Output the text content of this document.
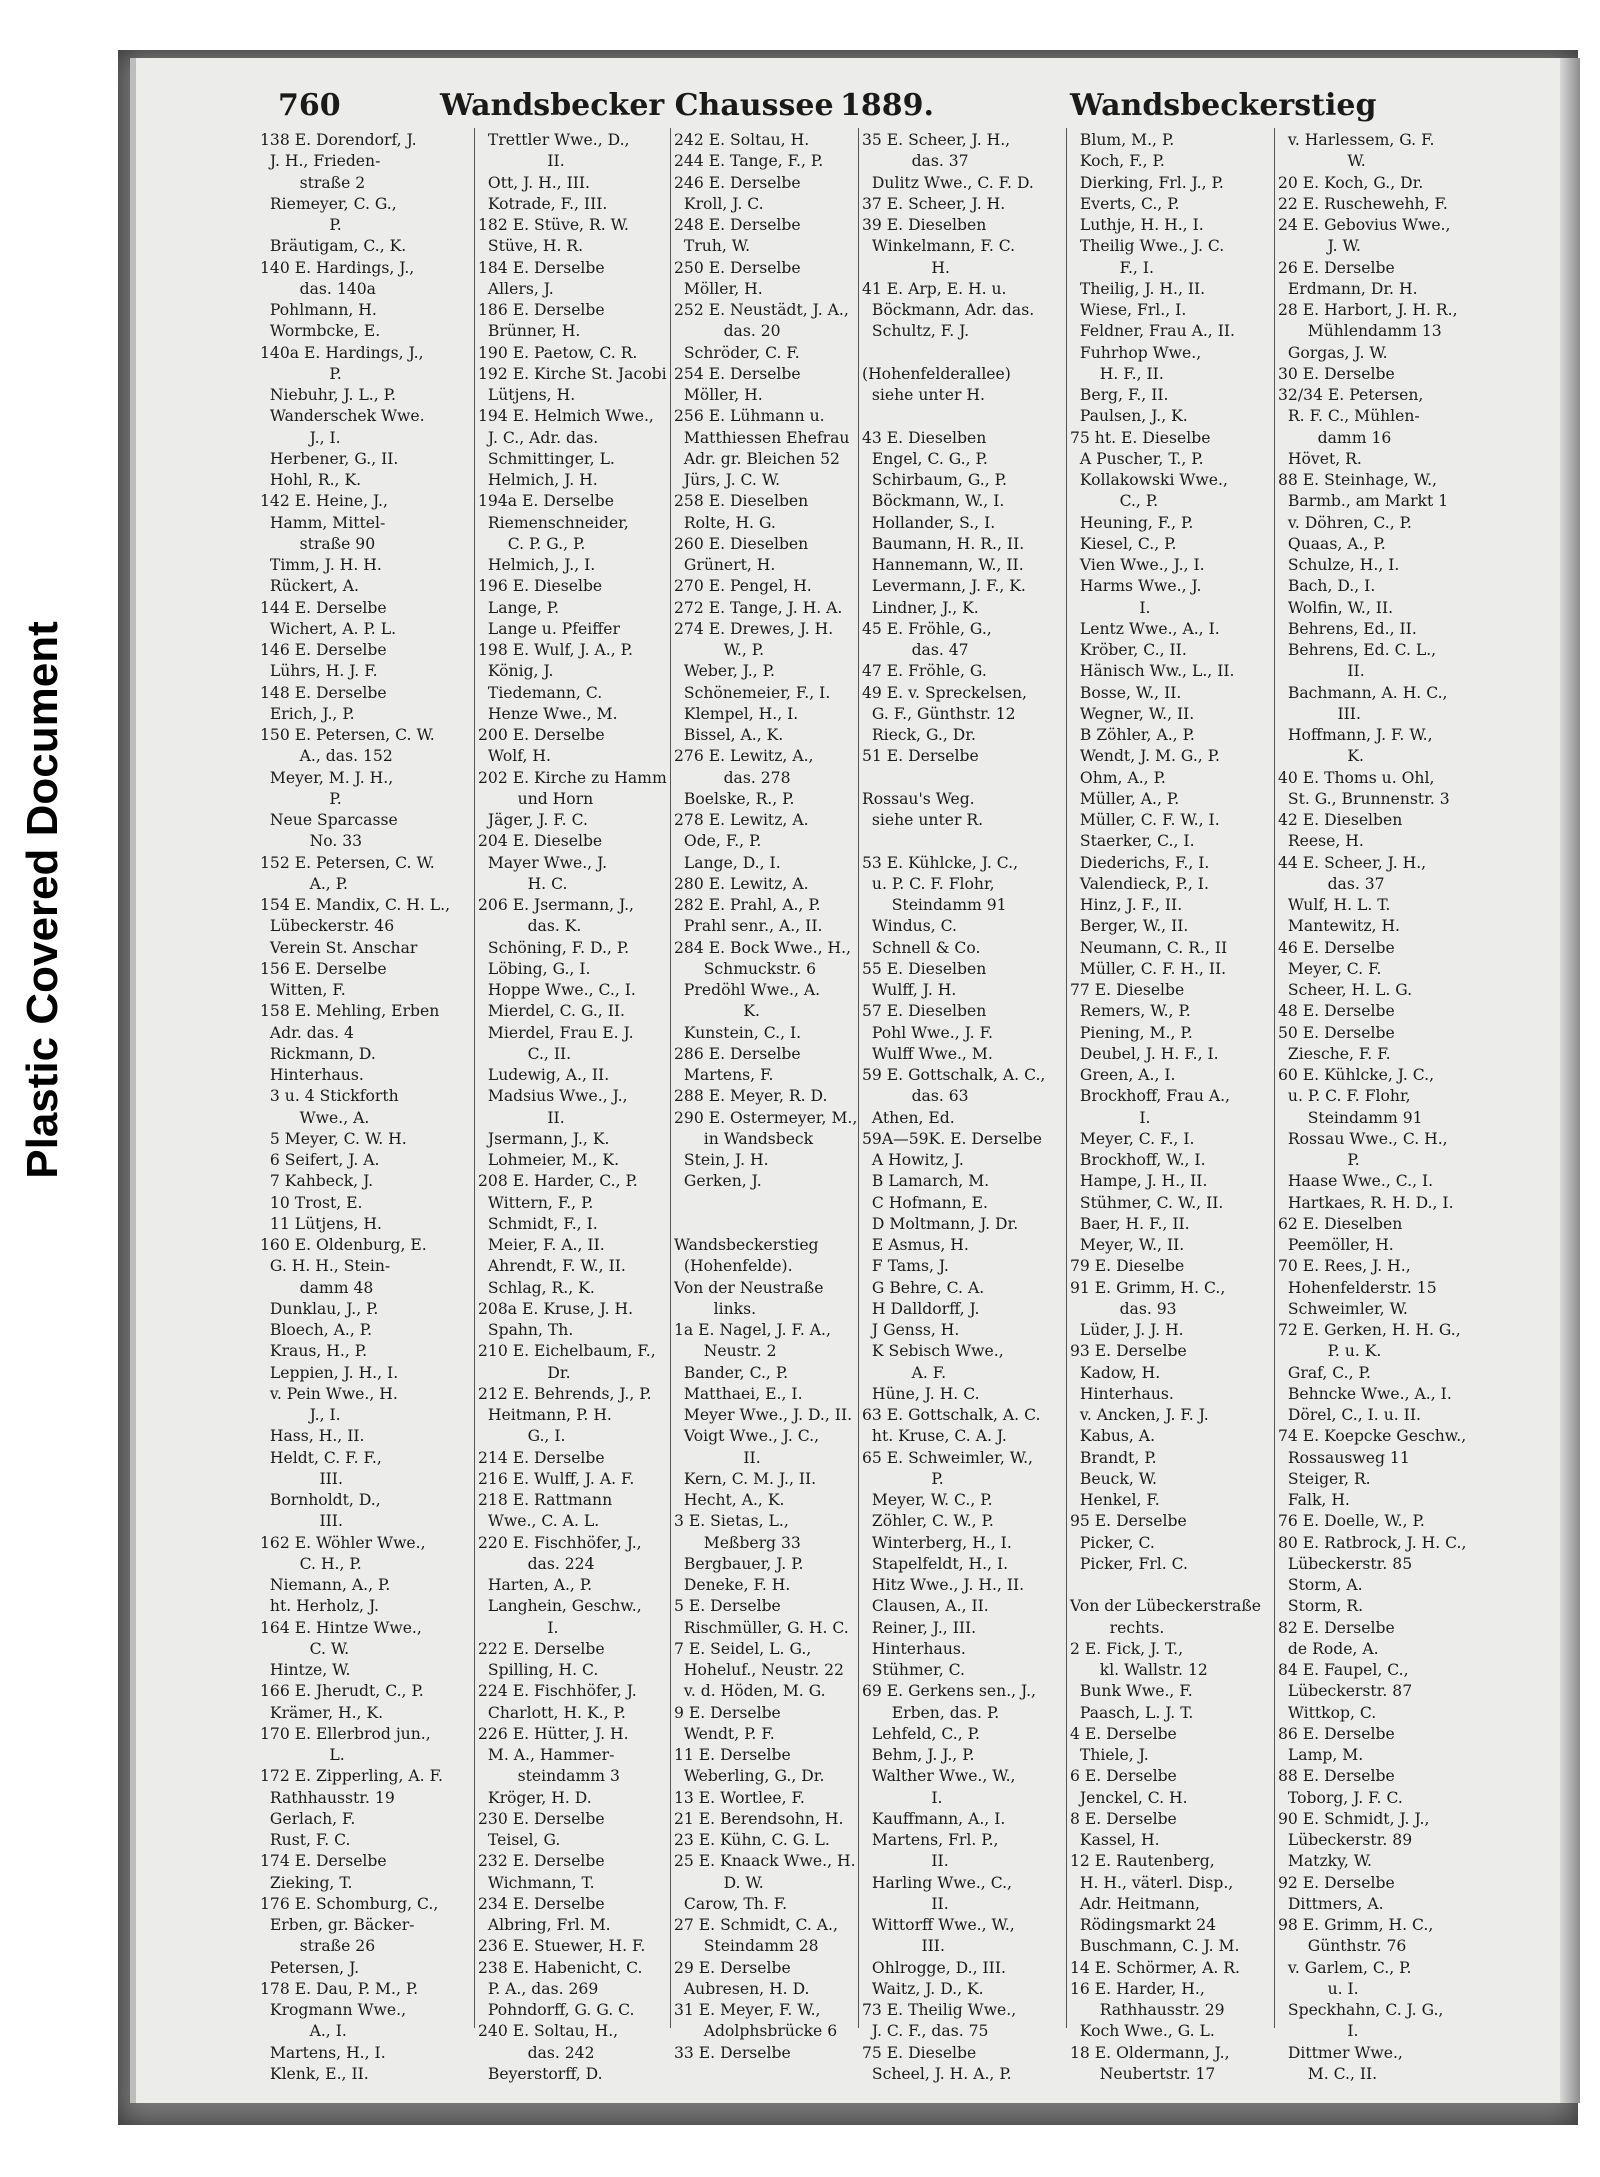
Plastic Covered Document
760	Wandsbecker Chaussee 1889.	Wandsbeckerstieg
138 E. Dorendorf, J.
J. H., Frieden-
straße 2
Riemeyer, C. G.,
P.
Bräutigam, C., K.
140 E. Hardings, J.,
das. 140a
Pohlmann, H.
Wormbcke, E.
140a E. Hardings, J.,
P.
Niebuhr, J. L., P.
Wanderschek Wwe.
J., I.
Herbener, G., II.
Hohl, R., K.
142 E. Heine, J.,
Hamm, Mittel-
straße 90
Timm, J. H. H.
Rückert, A.
144 E. Derselbe
Wichert, A. P. L.
146 E. Derselbe
Lührs, H. J. F.
148 E. Derselbe
Erich, J., P.
150 E. Petersen, C. W.
A., das. 152
Meyer, M. J. H.,
P.
Neue Sparcasse
No. 33
152 E. Petersen, C. W.
A., P.
154 E. Mandix, C. H. L.,
Lübeckerstr. 46
Verein St. Anschar
156 E. Derselbe
Witten, F.
158 E. Mehling, Erben
Adr. das. 4
Rickmann, D.
Hinterhaus.
3 u. 4 Stickforth
Wwe., A.
5 Meyer, C. W. H.
6 Seifert, J. A.
7 Kahbeck, J.
10 Trost, E.
11 Lütjens, H.
160 E. Oldenburg, E.
G. H. H., Stein-
damm 48
Dunklau, J., P.
Bloech, A., P.
Kraus, H., P.
Leppien, J. H., I.
v. Pein Wwe., H.
J., I.
Hass, H., II.
Heldt, C. F. F.,
III.
Bornholdt, D.,
III.
162 E. Wöhler Wwe.,
C. H., P.
Niemann, A., P.
ht. Herholz, J.
164 E. Hintze Wwe.,
C. W.
Hintze, W.
166 E. Jherudt, C., P.
Krämer, H., K.
170 E. Ellerbrod jun.,
L.
172 E. Zipperling, A. F.
Rathhausstr. 19
Gerlach, F.
Rust, F. C.
174 E. Derselbe
Zieking, T.
176 E. Schomburg, C.,
Erben, gr. Bäcker-
straße 26
Petersen, J.
178 E. Dau, P. M., P.
Krogmann Wwe.,
A., I.
Martens, H., I.
Klenk, E., II.
Trettler Wwe., D.,
II.
Ott, J. H., III.
Kotrade, F., III.
182 E. Stüve, R. W.
Stüve, H. R.
184 E. Derselbe
Allers, J.
186 E. Derselbe
Brünner, H.
190 E. Paetow, C. R.
192 E. Kirche St. Jacobi
Lütjens, H.
194 E. Helmich Wwe.,
J. C., Adr. das.
Schmittinger, L.
Helmich, J. H.
194a E. Derselbe
Riemenschneider,
C. P. G., P.
Helmich, J., I.
196 E. Dieselbe
Lange, P.
Lange u. Pfeiffer
198 E. Wulf, J. A., P.
König, J.
Tiedemann, C.
Henze Wwe., M.
200 E. Derselbe
Wolf, H.
202 E. Kirche zu Hamm
und Horn
Jäger, J. F. C.
204 E. Dieselbe
Mayer Wwe., J.
H. C.
206 E. Jsermann, J.,
das. K.
Schöning, F. D., P.
Löbing, G., I.
Hoppe Wwe., C., I.
Mierdel, C. G., II.
Mierdel, Frau E. J.
C., II.
Ludewig, A., II.
Madsius Wwe., J.,
II.
Jsermann, J., K.
Lohmeier, M., K.
208 E. Harder, C., P.
Wittern, F., P.
Schmidt, F., I.
Meier, F. A., II.
Ahrendt, F. W., II.
Schlag, R., K.
208a E. Kruse, J. H.
Spahn, Th.
210 E. Eichelbaum, F.,
Dr.
212 E. Behrends, J., P.
Heitmann, P. H.
G., I.
214 E. Derselbe
216 E. Wulff, J. A. F.
218 E. Rattmann
Wwe., C. A. L.
220 E. Fischhöfer, J.,
das. 224
Harten, A., P.
Langhein, Geschw.,
I.
222 E. Derselbe
Spilling, H. C.
224 E. Fischhöfer, J.
Charlott, H. K., P.
226 E. Hütter, J. H.
M. A., Hammer-
steindamm 3
Kröger, H. D.
230 E. Derselbe
Teisel, G.
232 E. Derselbe
Wichmann, T.
234 E. Derselbe
Albring, Frl. M.
236 E. Stuewer, H. F.
238 E. Habenicht, C.
P. A., das. 269
Pohndorff, G. G. C.
240 E. Soltau, H.,
das. 242
Beyerstorff, D.
242 E. Soltau, H.
244 E. Tange, F., P.
246 E. Derselbe
Kroll, J. C.
248 E. Derselbe
Truh, W.
250 E. Derselbe
Möller, H.
252 E. Neustädt, J. A.,
das. 20
Schröder, C. F.
254 E. Derselbe
Möller, H.
256 E. Lühmann u.
Matthiessen Ehefrau
Adr. gr. Bleichen 52
Jürs, J. C. W.
258 E. Dieselben
Rolte, H. G.
260 E. Dieselben
Grünert, H.
270 E. Pengel, H.
272 E. Tange, J. H. A.
274 E. Drewes, J. H.
W., P.
Weber, J., P.
Schönemeier, F., I.
Klempel, H., I.
Bissel, A., K.
276 E. Lewitz, A.,
das. 278
Boelske, R., P.
278 E. Lewitz, A.
Ode, F., P.
Lange, D., I.
280 E. Lewitz, A.
282 E. Prahl, A., P.
Prahl senr., A., II.
284 E. Bock Wwe., H.,
Schmuckstr. 6
Predöhl Wwe., A.
K.
Kunstein, C., I.
286 E. Derselbe
Martens, F.
288 E. Meyer, R. D.
290 E. Ostermeyer, M.,
in Wandsbeck
Stein, J. H.
Gerken, J.
Wandsbeckerstieg
(Hohenfelde).
Von der Neustraße
links.
1a E. Nagel, J. F. A.,
Neustr. 2
Bander, C., P.
Matthaei, E., I.
Meyer Wwe., J. D., II.
Voigt Wwe., J. C.,
II.
Kern, C. M. J., II.
Hecht, A., K.
3 E. Sietas, L.,
Meßberg 33
Bergbauer, J. P.
Deneke, F. H.
5 E. Derselbe
Rischmüller, G. H. C.
7 E. Seidel, L. G.,
Hoheluf., Neustr. 22
v. d. Höden, M. G.
9 E. Derselbe
Wendt, P. F.
11 E. Derselbe
Weberling, G., Dr.
13 E. Wortlee, F.
21 E. Berendsohn, H.
23 E. Kühn, C. G. L.
25 E. Knaack Wwe., H.
D. W.
Carow, Th. F.
27 E. Schmidt, C. A.,
Steindamm 28
29 E. Derselbe
Aubresen, H. D.
31 E. Meyer, F. W.,
Adolphsbrücke 6
33 E. Derselbe
35 E. Scheer, J. H.,
das. 37
Dulitz Wwe., C. F. D.
37 E. Scheer, J. H.
39 E. Dieselben
Winkelmann, F. C.
H.
41 E. Arp, E. H. u.
Böckmann, Adr. das.
Schultz, F. J.
(Hohenfelderallee)
siehe unter H.
43 E. Dieselben
Engel, C. G., P.
Schirbaum, G., P.
Böckmann, W., I.
Hollander, S., I.
Baumann, H. R., II.
Hannemann, W., II.
Levermann, J. F., K.
Lindner, J., K.
45 E. Fröhle, G.,
das. 47
47 E. Fröhle, G.
49 E. v. Spreckelsen,
G. F., Günthstr. 12
Rieck, G., Dr.
51 E. Derselbe
Rossau's Weg.
siehe unter R.
53 E. Kühlcke, J. C.,
u. P. C. F. Flohr,
Steindamm 91
Windus, C.
Schnell & Co.
55 E. Dieselben
Wulff, J. H.
57 E. Dieselben
Pohl Wwe., J. F.
Wulff Wwe., M.
59 E. Gottschalk, A. C.,
das. 63
Athen, Ed.
59A—59K. E. Derselbe
A Howitz, J.
B Lamarch, M.
C Hofmann, E.
D Moltmann, J. Dr.
E Asmus, H.
F Tams, J.
G Behre, C. A.
H Dalldorff, J.
J Genss, H.
K Sebisch Wwe.,
A. F.
Hüne, J. H. C.
63 E. Gottschalk, A. C.
ht. Kruse, C. A. J.
65 E. Schweimler, W.,
P.
Meyer, W. C., P.
Zöhler, C. W., P.
Winterberg, H., I.
Stapelfeldt, H., I.
Hitz Wwe., J. H., II.
Clausen, A., II.
Reiner, J., III.
Hinterhaus.
Stühmer, C.
69 E. Gerkens sen., J.,
Erben, das. P.
Lehfeld, C., P.
Behm, J. J., P.
Walther Wwe., W.,
I.
Kauffmann, A., I.
Martens, Frl. P.,
II.
Harling Wwe., C.,
II.
Wittorff Wwe., W.,
III.
Ohlrogge, D., III.
Waitz, J. D., K.
73 E. Theilig Wwe.,
J. C. F., das. 75
75 E. Dieselbe
Scheel, J. H. A., P.
Blum, M., P.
Koch, F., P.
Dierking, Frl. J., P.
Everts, C., P.
Luthje, H. H., I.
Theilig Wwe., J. C.
F., I.
Theilig, J. H., II.
Wiese, Frl., I.
Feldner, Frau A., II.
Fuhrhop Wwe.,
H. F., II.
Berg, F., II.
Paulsen, J., K.
75 ht. E. Dieselbe
A Puscher, T., P.
Kollakowski Wwe.,
C., P.
Heuning, F., P.
Kiesel, C., P.
Vien Wwe., J., I.
Harms Wwe., J.
I.
Lentz Wwe., A., I.
Kröber, C., II.
Hänisch Ww., L., II.
Bosse, W., II.
Wegner, W., II.
B Zöhler, A., P.
Wendt, J. M. G., P.
Ohm, A., P.
Müller, A., P.
Müller, C. F. W., I.
Staerker, C., I.
Diederichs, F., I.
Valendieck, P., I.
Hinz, J. F., II.
Berger, W., II.
Neumann, C. R., II
Müller, C. F. H., II.
77 E. Dieselbe
Remers, W., P.
Piening, M., P.
Deubel, J. H. F., I.
Green, A., I.
Brockhoff, Frau A.,
I.
Meyer, C. F., I.
Brockhoff, W., I.
Hampe, J. H., II.
Stühmer, C. W., II.
Baer, H. F., II.
Meyer, W., II.
79 E. Dieselbe
91 E. Grimm, H. C.,
das. 93
Lüder, J. J. H.
93 E. Derselbe
Kadow, H.
Hinterhaus.
v. Ancken, J. F. J.
Kabus, A.
Brandt, P.
Beuck, W.
Henkel, F.
95 E. Derselbe
Picker, C.
Picker, Frl. C.
Von der Lübeckerstraße
rechts.
2 E. Fick, J. T.,
kl. Wallstr. 12
Bunk Wwe., F.
Paasch, L. J. T.
4 E. Derselbe
Thiele, J.
6 E. Derselbe
Jenckel, C. H.
8 E. Derselbe
Kassel, H.
12 E. Rautenberg,
H. H., väterl. Disp.,
Adr. Heitmann,
Rödingsmarkt 24
Buschmann, C. J. M.
14 E. Schörmer, A. R.
16 E. Harder, H.,
Rathhausstr. 29
Koch Wwe., G. L.
18 E. Oldermann, J.,
Neubertstr. 17
v. Harlessem, G. F.
W.
20 E. Koch, G., Dr.
22 E. Ruschewehh, F.
24 E. Gebovius Wwe.,
J. W.
26 E. Derselbe
Erdmann, Dr. H.
28 E. Harbort, J. H. R.,
Mühlendamm 13
Gorgas, J. W.
30 E. Derselbe
32/34 E. Petersen,
R. F. C., Mühlen-
damm 16
Hövet, R.
88 E. Steinhage, W.,
Barmb., am Markt 1
v. Döhren, C., P.
Quaas, A., P.
Schulze, H., I.
Bach, D., I.
Wolfin, W., II.
Behrens, Ed., II.
Behrens, Ed. C. L.,
II.
Bachmann, A. H. C.,
III.
Hoffmann, J. F. W.,
K.
40 E. Thoms u. Ohl,
St. G., Brunnenstr. 3
42 E. Dieselben
Reese, H.
44 E. Scheer, J. H.,
das. 37
Wulf, H. L. T.
Mantewitz, H.
46 E. Derselbe
Meyer, C. F.
Scheer, H. L. G.
48 E. Derselbe
50 E. Derselbe
Ziesche, F. F.
60 E. Kühlcke, J. C.,
u. P. C. F. Flohr,
Steindamm 91
Rossau Wwe., C. H.,
P.
Haase Wwe., C., I.
Hartkaes, R. H. D., I.
62 E. Dieselben
Peemöller, H.
70 E. Rees, J. H.,
Hohenfelderstr. 15
Schweimler, W.
72 E. Gerken, H. H. G.,
P. u. K.
Graf, C., P.
Behncke Wwe., A., I.
Dörel, C., I. u. II.
74 E. Koepcke Geschw.,
Rossausweg 11
Steiger, R.
Falk, H.
76 E. Doelle, W., P.
80 E. Ratbrock, J. H. C.,
Lübeckerstr. 85
Storm, A.
Storm, R.
82 E. Derselbe
de Rode, A.
84 E. Faupel, C.,
Lübeckerstr. 87
Wittkop, C.
86 E. Derselbe
Lamp, M.
88 E. Derselbe
Toborg, J. F. C.
90 E. Schmidt, J. J.,
Lübeckerstr. 89
Matzky, W.
92 E. Derselbe
Dittmers, A.
98 E. Grimm, H. C.,
Günthstr. 76
v. Garlem, C., P.
u. I.
Speckhahn, C. J. G.,
I.
Dittmer Wwe.,
M. C., II.
